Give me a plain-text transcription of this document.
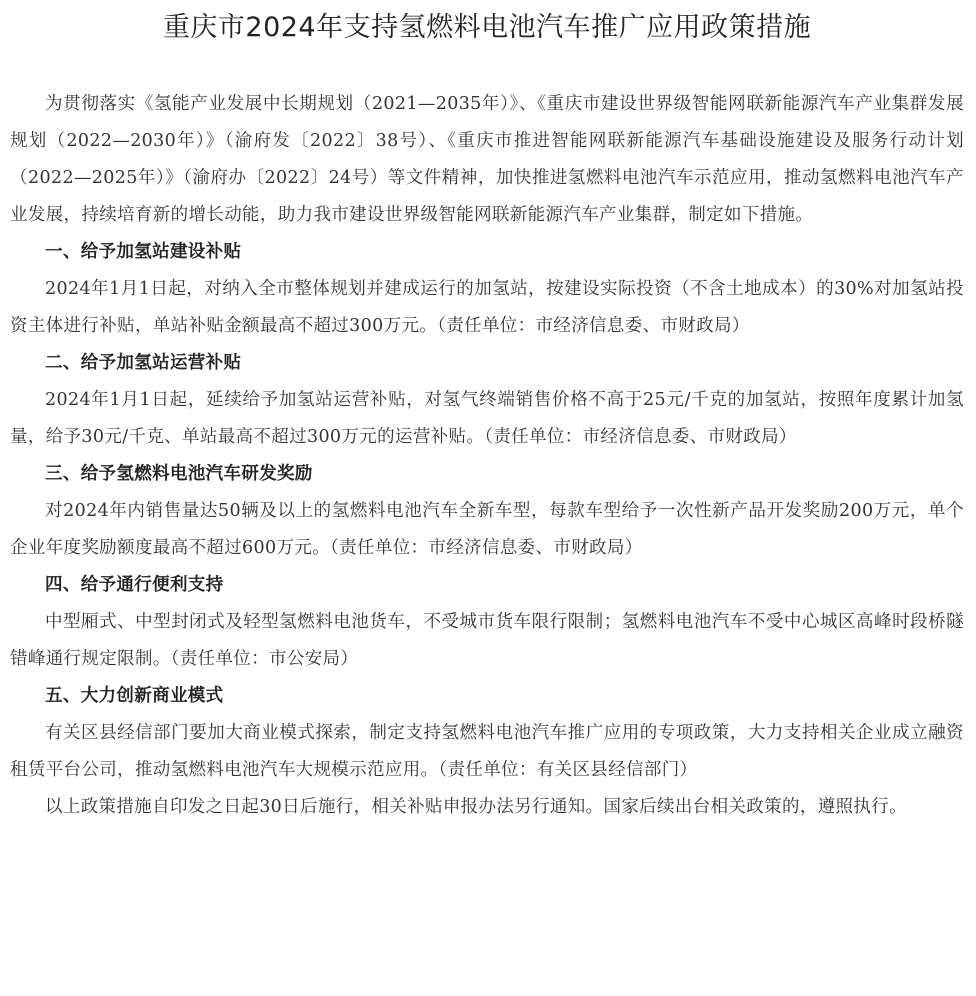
重庆市2024年支持氢燃料电池汽车推广应用政策措施

为贯彻落实《氢能产业发展中长期规划（2021—2035年）》、《重庆市建设世界级智能网联新能源汽车产业集群发展规划（2022—2030年）》（渝府发〔2022〕38号）、《重庆市推进智能网联新能源汽车基础设施建设及服务行动计划（2022—2025年）》（渝府办〔2022〕24号）等文件精神，加快推进氢燃料电池汽车示范应用，推动氢燃料电池汽车产业发展，持续培育新的增长动能，助力我市建设世界级智能网联新能源汽车产业集群，制定如下措施。

一、给予加氢站建设补贴

2024年1月1日起，对纳入全市整体规划并建成运行的加氢站，按建设实际投资（不含土地成本）的30%对加氢站投资主体进行补贴，单站补贴金额最高不超过300万元。（责任单位：市经济信息委、市财政局）

二、给予加氢站运营补贴

2024年1月1日起，延续给予加氢站运营补贴，对氢气终端销售价格不高于25元/千克的加氢站，按照年度累计加氢量，给予30元/千克、单站最高不超过300万元的运营补贴。（责任单位：市经济信息委、市财政局）

三、给予氢燃料电池汽车研发奖励

对2024年内销售量达50辆及以上的氢燃料电池汽车全新车型，每款车型给予一次性新产品开发奖励200万元，单个企业年度奖励额度最高不超过600万元。（责任单位：市经济信息委、市财政局）

四、给予通行便利支持

中型厢式、中型封闭式及轻型氢燃料电池货车，不受城市货车限行限制；氢燃料电池汽车不受中心城区高峰时段桥隧错峰通行规定限制。（责任单位：市公安局）

五、大力创新商业模式

有关区县经信部门要加大商业模式探索，制定支持氢燃料电池汽车推广应用的专项政策，大力支持相关企业成立融资租赁平台公司，推动氢燃料电池汽车大规模示范应用。（责任单位：有关区县经信部门）

以上政策措施自印发之日起30日后施行，相关补贴申报办法另行通知。国家后续出台相关政策的，遵照执行。
